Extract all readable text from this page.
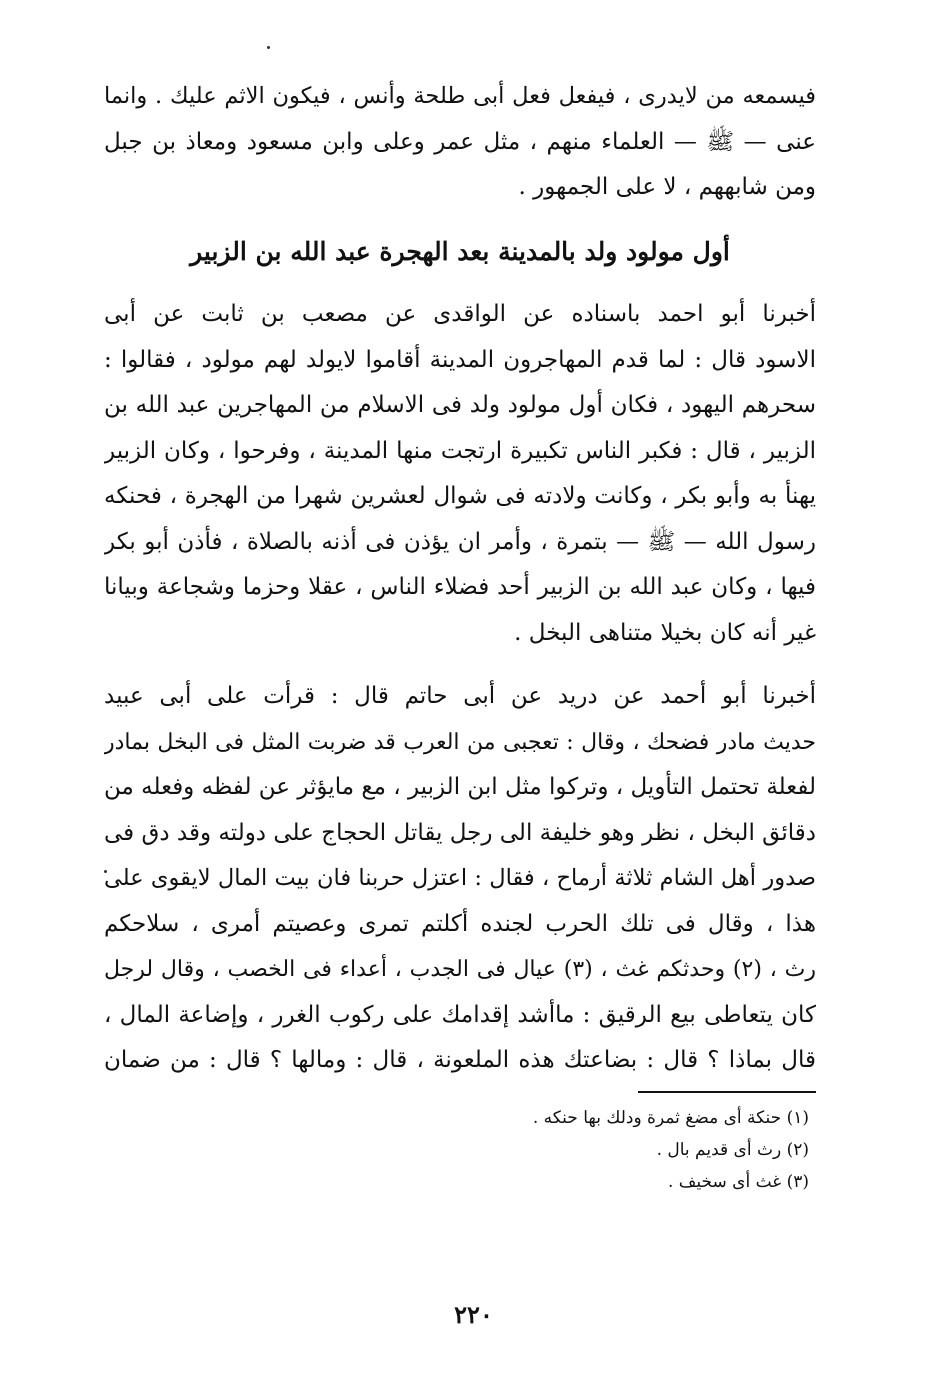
فيسمعه من لايدرى ، فيفعل فعل أبى طلحة وأنس ، فيكون الاثم عليك . وانما
عنى — ﷺ — العلماء منهم ، مثل عمر وعلى وابن مسعود ومعاذ بن جبل
ومن شابههم ، لا على الجمهور .
أول مولود ولد بالمدينة بعد الهجرة عبد الله بن الزبير
أخبرنا أبو احمد باسناده عن الواقدى عن مصعب بن ثابت عن أبى
الاسود قال : لما قدم المهاجرون المدينة أقاموا لايولد لهم مولود ، فقالوا :
سحرهم اليهود ، فكان أول مولود ولد فى الاسلام من المهاجرين عبد الله بن
الزبير ، قال : فكبر الناس تكبيرة ارتجت منها المدينة ، وفرحوا ، وكان الزبير
يهنأ به وأبو بكر ، وكانت ولادته فى شوال لعشرين شهرا من الهجرة ، فحنكه
رسول الله — ﷺ — بتمرة ، وأمر ان يؤذن فى أذنه بالصلاة ، فأذن أبو بكر
فيها ، وكان عبد الله بن الزبير أحد فضلاء الناس ، عقلا وحزما وشجاعة وبيانا
غير أنه كان بخيلا متناهى البخل .
أخبرنا أبو أحمد عن دريد عن أبى حاتم قال : قرأت على أبى عبيد
حديث مادر فضحك ، وقال : تعجبى من العرب قد ضربت المثل فى البخل بمادر
لفعلة تحتمل التأويل ، وتركوا مثل ابن الزبير ، مع مايؤثر عن لفظه وفعله من
دقائق البخل ، نظر وهو خليفة الى رجل يقاتل الحجاج على دولته وقد دق فى
صدور أهل الشام ثلاثة أرماح ، فقال : اعتزل حربنا فان بيت المال لايقوى على
هذا ، وقال فى تلك الحرب لجنده أكلتم تمرى وعصيتم أمرى ، سلاحكم
رث ، (٢) وحدثكم غث ، (٣) عيال فى الجدب ، أعداء فى الخصب ، وقال لرجل
كان يتعاطى بيع الرقيق : ماأشد إقدامك على ركوب الغرر ، وإضاعة المال ،
قال بماذا ؟ قال : بضاعتك هذه الملعونة ، قال : ومالها ؟ قال : من ضمان
(١) حنكة أى مضغ ثمرة ودلك بها حنكه .
(٢) رث أى قديم بال .
(٣) غث أى سخيف .
٢٢٠
